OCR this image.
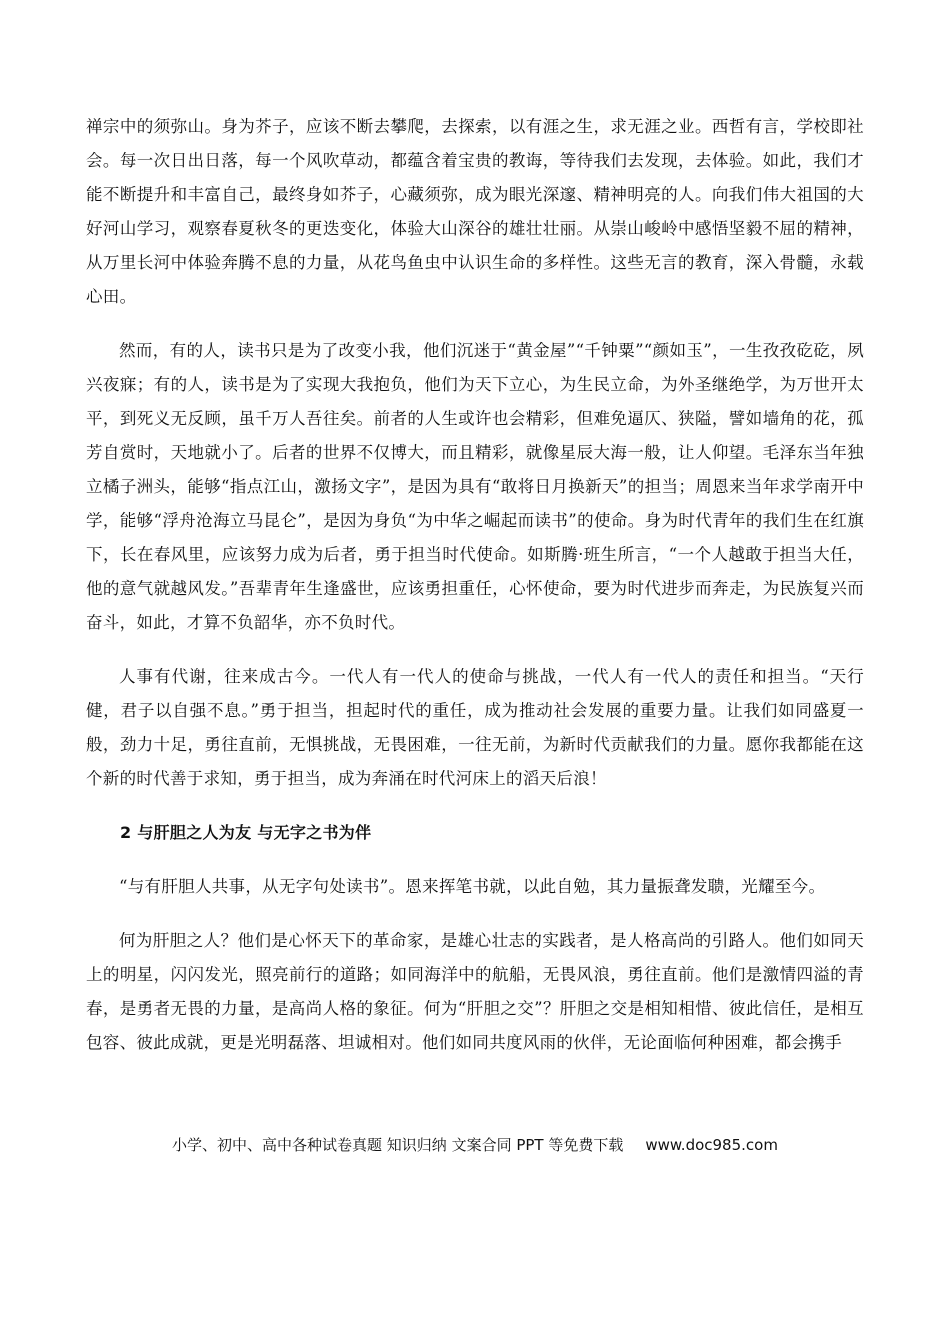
禅宗中的须弥山。身为芥子，应该不断去攀爬，去探索，以有涯之生，求无涯之业。西哲有言，学校即社会。每一次日出日落，每一个风吹草动，都蕴含着宝贵的教诲，等待我们去发现，去体验。如此，我们才能不断提升和丰富自己，最终身如芥子，心藏须弥，成为眼光深邃、精神明亮的人。向我们伟大祖国的大好河山学习，观察春夏秋冬的更迭变化，体验大山深谷的雄壮壮丽。从崇山峻岭中感悟坚毅不屈的精神，从万里长河中体验奔腾不息的力量，从花鸟鱼虫中认识生命的多样性。这些无言的教育，深入骨髓，永载心田。

然而，有的人，读书只是为了改变小我，他们沉迷于“黄金屋”“千钟粟”“颜如玉”，一生孜孜矻矻，夙兴夜寐；有的人，读书是为了实现大我抱负，他们为天下立心，为生民立命，为外圣继绝学，为万世开太平，到死义无反顾，虽千万人吾往矣。前者的人生或许也会精彩，但难免逼仄、狭隘，譬如墙角的花，孤芳自赏时，天地就小了。后者的世界不仅博大，而且精彩，就像星辰大海一般，让人仰望。毛泽东当年独立橘子洲头，能够“指点江山，激扬文字”，是因为具有“敢将日月换新天”的担当；周恩来当年求学南开中学，能够“浮舟沧海立马昆仑”，是因为身负“为中华之崛起而读书”的使命。身为时代青年的我们生在红旗下，长在春风里，应该努力成为后者，勇于担当时代使命。如斯腾·班生所言，“一个人越敢于担当大任，他的意气就越风发。”吾辈青年生逢盛世，应该勇担重任，心怀使命，要为时代进步而奔走，为民族复兴而奋斗，如此，才算不负韶华，亦不负时代。

人事有代谢，往来成古今。一代人有一代人的使命与挑战，一代人有一代人的责任和担当。“天行健，君子以自强不息。”勇于担当，担起时代的重任，成为推动社会发展的重要力量。让我们如同盛夏一般，劲力十足，勇往直前，无惧挑战，无畏困难，一往无前，为新时代贡献我们的力量。愿你我都能在这个新的时代善于求知，勇于担当，成为奔涌在时代河床上的滔天后浪！

2 与肝胆之人为友 与无字之书为伴

“与有肝胆人共事，从无字句处读书”。恩来挥笔书就，以此自勉，其力量振聋发聩，光耀至今。

何为肝胆之人？他们是心怀天下的革命家，是雄心壮志的实践者，是人格高尚的引路人。他们如同天上的明星，闪闪发光，照亮前行的道路；如同海洋中的航船，无畏风浪，勇往直前。他们是激情四溢的青春，是勇者无畏的力量，是高尚人格的象征。何为“肝胆之交”？肝胆之交是相知相惜、彼此信任，是相互包容、彼此成就，更是光明磊落、坦诚相对。他们如同共度风雨的伙伴，无论面临何种困难，都会携手

小学、初中、高中各种试卷真题 知识归纳 文案合同 PPT 等免费下载 www.doc985.com
